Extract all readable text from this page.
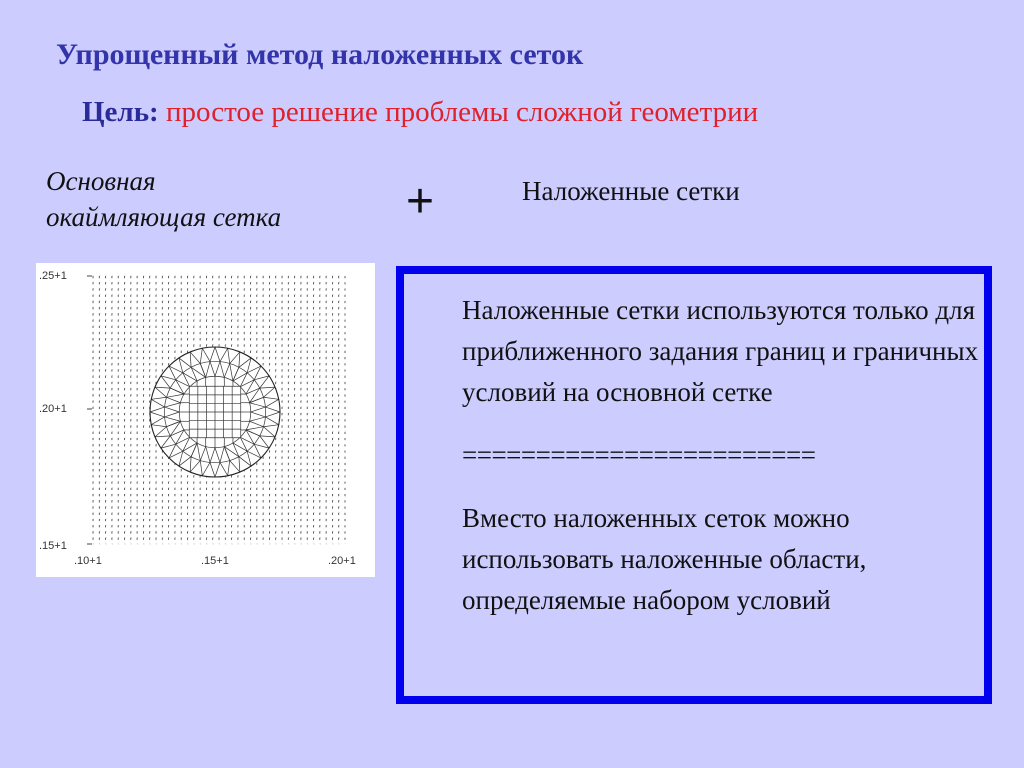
Упрощенный метод наложенных сеток
Цель: простое решение проблемы сложной геометрии
Основная
окаймляющая сетка	+	Наложенные сетки
.25+1
.20+1
.15+1
.10+1	.15+1	.20+1

Наложенные сетки используются только для приближенного задания границ и граничных условий на основной сетке

========================

Вместо наложенных сеток можно использовать наложенные области, определяемые набором условий
